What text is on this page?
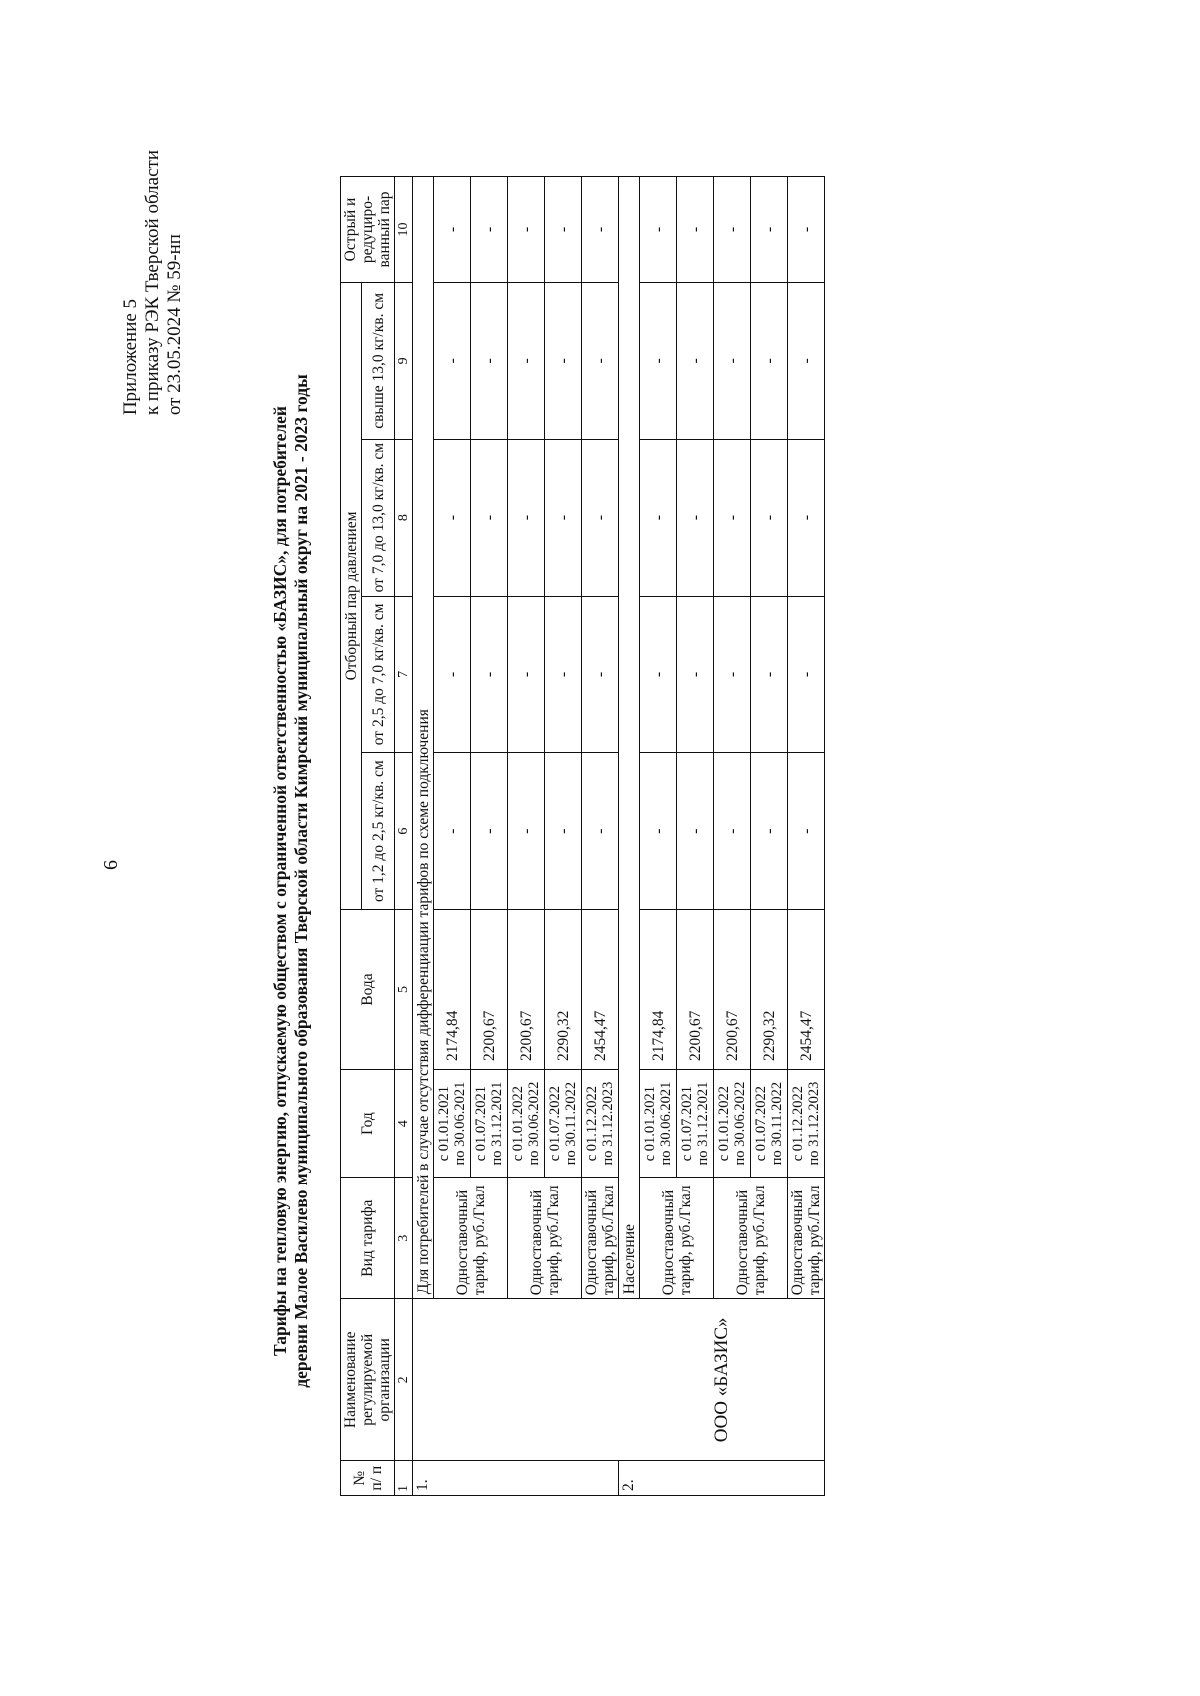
6
Приложение 5 к приказу РЭК Тверской области от 23.05.2024 № 59-нп
Тарифы на тепловую энергию, отпускаемую обществом с ограниченной ответственностью «БАЗИС», для потребителей деревни Малое Василево муниципального образования Тверской области Кимрский муниципальный округ на 2021 - 2023 годы
№ п/ п	Наименование регулируемой организации	Вид тарифа	Год	Вода	Отборный пар давлением				Острый и редуциро-ванный пар
					от 1,2 до 2,5 кг/кв. см	от 2,5 до 7,0 кг/кв. см	от 7,0 до 13,0 кг/кв. см	свыше 13,0 кг/кв. см	
1	2	3	4	5	6	7	8	9	10
1.		Для потребителей в случае отсутствия дифференциации тарифов по схеме подключения							
		Одноставочный тариф, руб./Гкал	с 01.01.2021 по 30.06.2021	2174,84	-	-	-	-	-

			с 01.07.2021 по 31.12.2021	2200,67	-	-	-	-	-
		Одноставочный тариф, руб./Гкал	с 01.01.2022 по 30.06.2022	2200,67	-	-	-	-	-

			с 01.07.2022 по 30.11.2022	2290,32	-	-	-	-	-
		Одноставочный тариф, руб./Гкал	с 01.12.2022 по 31.12.2023	2454,47	-	-	-	-	-
2.	ООО «БАЗИС»	Население							
		Одноставочный тариф, руб./Гкал	с 01.01.2021 по 30.06.2021	2174,84	-	-	-	-	-

			с 01.07.2021 по 31.12.2021	2200,67	-	-	-	-	-
		Одноставочный тариф, руб./Гкал	с 01.01.2022 по 30.06.2022	2200,67	-	-	-	-	-

			с 01.07.2022 по 30.11.2022	2290,32	-	-	-	-	-
		Одноставочный тариф, руб./Гкал	с 01.12.2022 по 31.12.2023	2454,47	-	-	-	-	-
